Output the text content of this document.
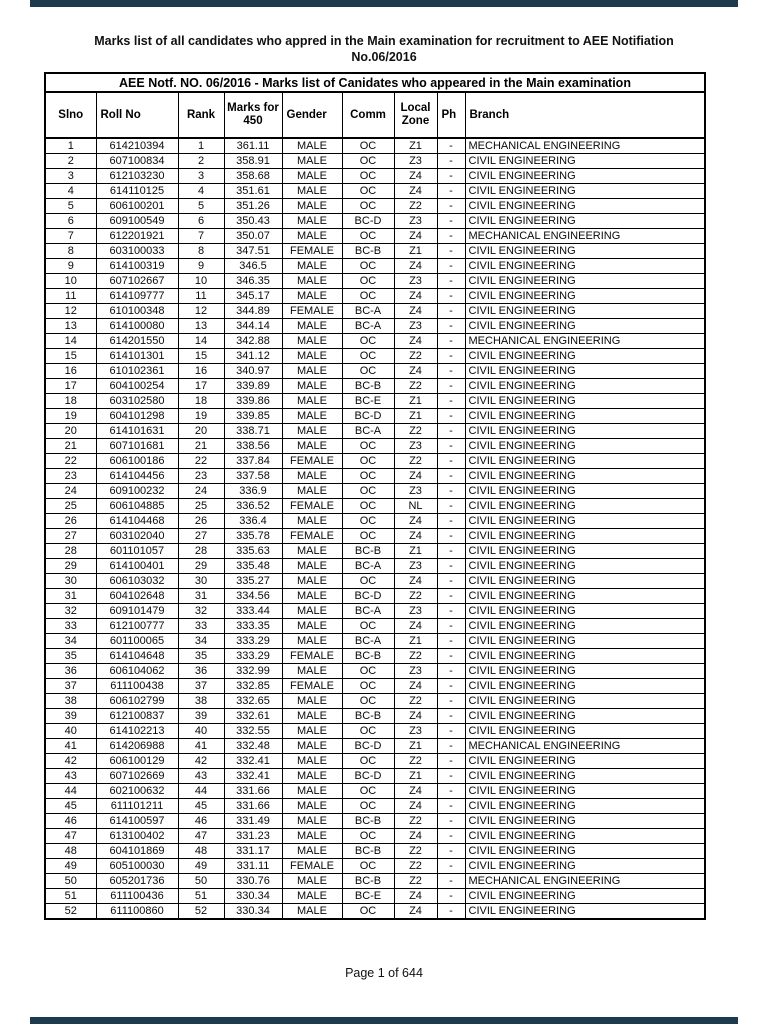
Marks list of all candidates who appred in the Main examination for recruitment to AEE Notifiation
No.06/2016
AEE Notf. NO. 06/2016 - Marks list of Canidates who appeared in the Main examination
Slno	Roll No	Rank	Marks for 450	Gender	Comm	Local Zone	Ph	Branch
1	614210394	1	361.11	MALE	OC	Z1	-	MECHANICAL ENGINEERING
2	607100834	2	358.91	MALE	OC	Z3	-	CIVIL ENGINEERING
3	612103230	3	358.68	MALE	OC	Z4	-	CIVIL ENGINEERING
4	614110125	4	351.61	MALE	OC	Z4	-	CIVIL ENGINEERING
5	606100201	5	351.26	MALE	OC	Z2	-	CIVIL ENGINEERING
6	609100549	6	350.43	MALE	BC-D	Z3	-	CIVIL ENGINEERING
7	612201921	7	350.07	MALE	OC	Z4	-	MECHANICAL ENGINEERING
8	603100033	8	347.51	FEMALE	BC-B	Z1	-	CIVIL ENGINEERING
9	614100319	9	346.5	MALE	OC	Z4	-	CIVIL ENGINEERING
10	607102667	10	346.35	MALE	OC	Z3	-	CIVIL ENGINEERING
11	614109777	11	345.17	MALE	OC	Z4	-	CIVIL ENGINEERING
12	610100348	12	344.89	FEMALE	BC-A	Z4	-	CIVIL ENGINEERING
13	614100080	13	344.14	MALE	BC-A	Z3	-	CIVIL ENGINEERING
14	614201550	14	342.88	MALE	OC	Z4	-	MECHANICAL ENGINEERING
15	614101301	15	341.12	MALE	OC	Z2	-	CIVIL ENGINEERING
16	610102361	16	340.97	MALE	OC	Z4	-	CIVIL ENGINEERING
17	604100254	17	339.89	MALE	BC-B	Z2	-	CIVIL ENGINEERING
18	603102580	18	339.86	MALE	BC-E	Z1	-	CIVIL ENGINEERING
19	604101298	19	339.85	MALE	BC-D	Z1	-	CIVIL ENGINEERING
20	614101631	20	338.71	MALE	BC-A	Z2	-	CIVIL ENGINEERING
21	607101681	21	338.56	MALE	OC	Z3	-	CIVIL ENGINEERING
22	606100186	22	337.84	FEMALE	OC	Z2	-	CIVIL ENGINEERING
23	614104456	23	337.58	MALE	OC	Z4	-	CIVIL ENGINEERING
24	609100232	24	336.9	MALE	OC	Z3	-	CIVIL ENGINEERING
25	606104885	25	336.52	FEMALE	OC	NL	-	CIVIL ENGINEERING
26	614104468	26	336.4	MALE	OC	Z4	-	CIVIL ENGINEERING
27	603102040	27	335.78	FEMALE	OC	Z4	-	CIVIL ENGINEERING
28	601101057	28	335.63	MALE	BC-B	Z1	-	CIVIL ENGINEERING
29	614100401	29	335.48	MALE	BC-A	Z3	-	CIVIL ENGINEERING
30	606103032	30	335.27	MALE	OC	Z4	-	CIVIL ENGINEERING
31	604102648	31	334.56	MALE	BC-D	Z2	-	CIVIL ENGINEERING
32	609101479	32	333.44	MALE	BC-A	Z3	-	CIVIL ENGINEERING
33	612100777	33	333.35	MALE	OC	Z4	-	CIVIL ENGINEERING
34	601100065	34	333.29	MALE	BC-A	Z1	-	CIVIL ENGINEERING
35	614104648	35	333.29	FEMALE	BC-B	Z2	-	CIVIL ENGINEERING
36	606104062	36	332.99	MALE	OC	Z3	-	CIVIL ENGINEERING
37	611100438	37	332.85	FEMALE	OC	Z4	-	CIVIL ENGINEERING
38	606102799	38	332.65	MALE	OC	Z2	-	CIVIL ENGINEERING
39	612100837	39	332.61	MALE	BC-B	Z4	-	CIVIL ENGINEERING
40	614102213	40	332.55	MALE	OC	Z3	-	CIVIL ENGINEERING
41	614206988	41	332.48	MALE	BC-D	Z1	-	MECHANICAL ENGINEERING
42	606100129	42	332.41	MALE	OC	Z2	-	CIVIL ENGINEERING
43	607102669	43	332.41	MALE	BC-D	Z1	-	CIVIL ENGINEERING
44	602100632	44	331.66	MALE	OC	Z4	-	CIVIL ENGINEERING
45	611101211	45	331.66	MALE	OC	Z4	-	CIVIL ENGINEERING
46	614100597	46	331.49	MALE	BC-B	Z2	-	CIVIL ENGINEERING
47	613100402	47	331.23	MALE	OC	Z4	-	CIVIL ENGINEERING
48	604101869	48	331.17	MALE	BC-B	Z2	-	CIVIL ENGINEERING
49	605100030	49	331.11	FEMALE	OC	Z2	-	CIVIL ENGINEERING
50	605201736	50	330.76	MALE	BC-B	Z2	-	MECHANICAL ENGINEERING
51	611100436	51	330.34	MALE	BC-E	Z4	-	CIVIL ENGINEERING
52	611100860	52	330.34	MALE	OC	Z4	-	CIVIL ENGINEERING
Page 1 of 644
